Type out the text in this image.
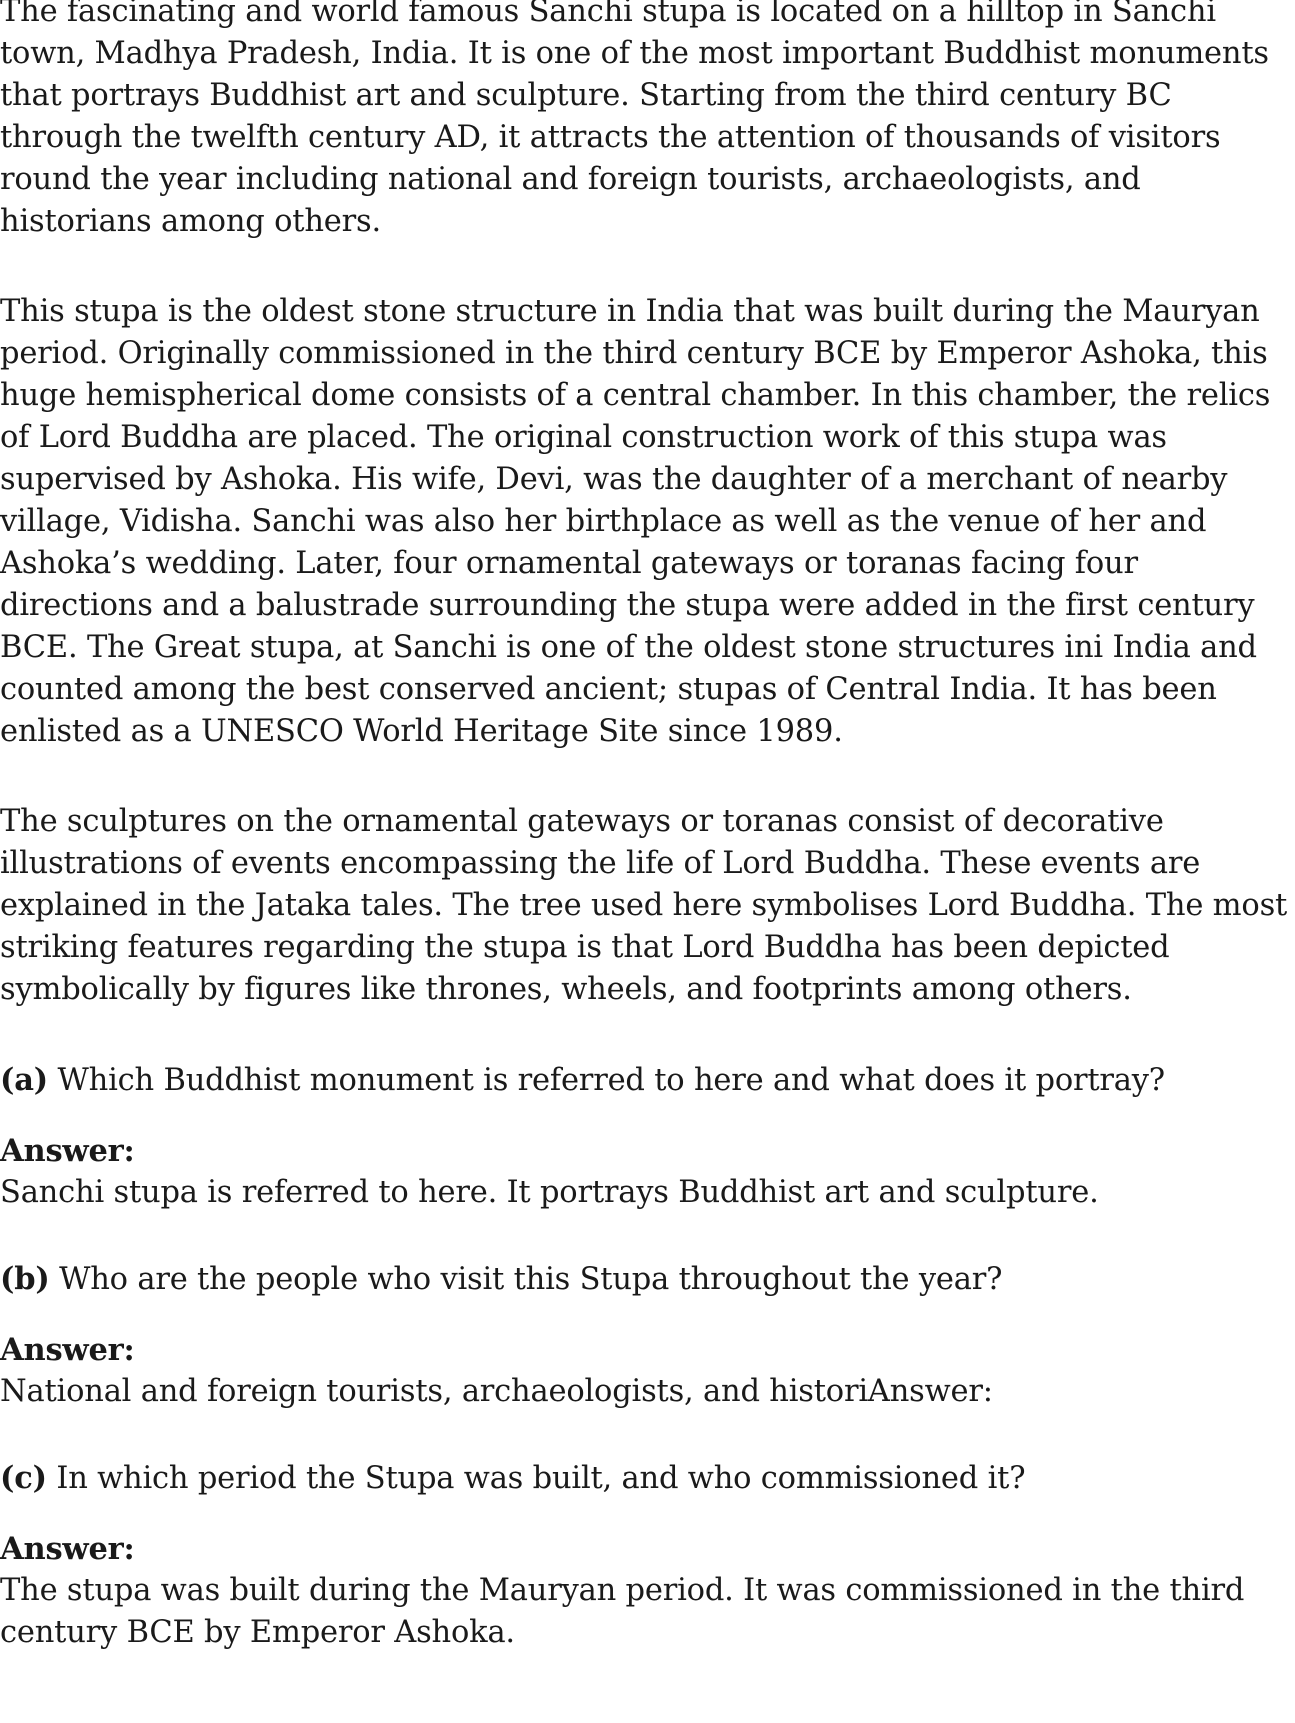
The fascinating and world famous Sanchi stupa is located on a hilltop in Sanchi town, Madhya Pradesh, India. It is one of the most important Buddhist monuments that portrays Buddhist art and sculpture. Starting from the third century BC through the twelfth century AD, it attracts the attention of thousands of visitors round the year including national and foreign tourists, archaeologists, and historians among others.

This stupa is the oldest stone structure in India that was built during the Mauryan period. Originally commissioned in the third century BCE by Emperor Ashoka, this huge hemispherical dome consists of a central chamber. In this chamber, the relics of Lord Buddha are placed. The original construction work of this stupa was supervised by Ashoka. His wife, Devi, was the daughter of a merchant of nearby village, Vidisha. Sanchi was also her birthplace as well as the venue of her and Ashoka’s wedding. Later, four ornamental gateways or toranas facing four directions and a balustrade surrounding the stupa were added in the first century BCE. The Great stupa, at Sanchi is one of the oldest stone structures ini India and counted among the best conserved ancient; stupas of Central India. It has been enlisted as a UNESCO World Heritage Site since 1989.

The sculptures on the ornamental gateways or toranas consist of decorative illustrations of events encompassing the life of Lord Buddha. These events are explained in the Jataka tales. The tree used here symbolises Lord Buddha. The most striking features regarding the stupa is that Lord Buddha has been depicted symbolically by figures like thrones, wheels, and footprints among others.

(a) Which Buddhist monument is referred to here and what does it portray?

Answer:

Sanchi stupa is referred to here. It portrays Buddhist art and sculpture.

(b) Who are the people who visit this Stupa throughout the year?

Answer:

National and foreign tourists, archaeologists, and historiAnswer:

(c) In which period the Stupa was built, and who commissioned it?

Answer:

The stupa was built during the Mauryan period. It was commissioned in the third century BCE by Emperor Ashoka.
